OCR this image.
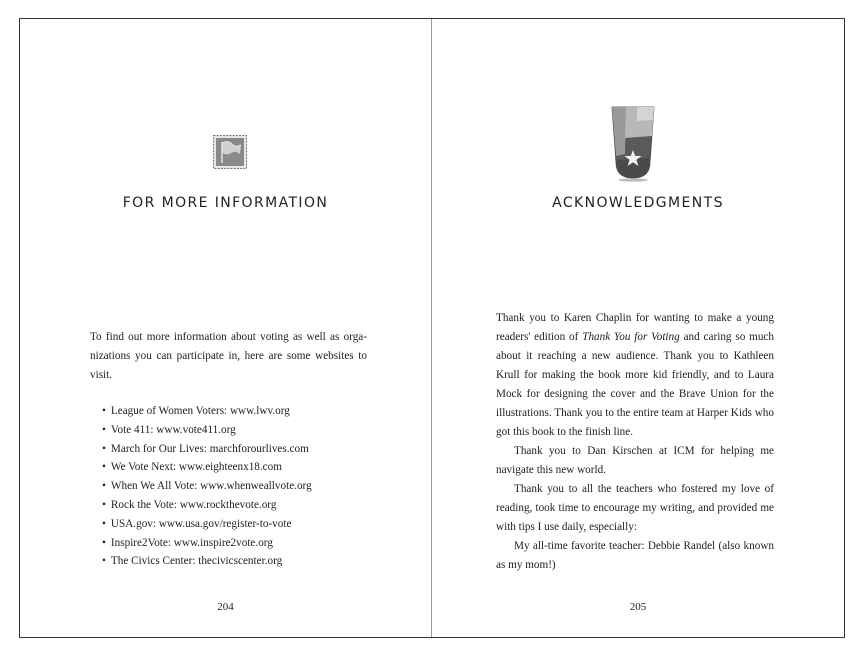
FOR MORE INFORMATION

To find out more information about voting as well as organizations you can participate in, here are some websites to visit.

• League of Women Voters: www.lwv.org
• Vote 411: www.vote411.org
• March for Our Lives: marchforourlives.com
• We Vote Next: www.eighteenx18.com
• When We All Vote: www.whenweallvote.org
• Rock the Vote: www.rockthevote.org
• USA.gov: www.usa.gov/register-to-vote
• Inspire2Vote: www.inspire2vote.org
• The Civics Center: thecivicscenter.org
204
ACKNOWLEDGMENTS

Thank you to Karen Chaplin for wanting to make a young readers' edition of Thank You for Voting and caring so much about it reaching a new audience. Thank you to Kathleen Krull for making the book more kid friendly, and to Laura Mock for designing the cover and the Brave Union for the illustrations. Thank you to the entire team at Harper Kids who got this book to the finish line.

Thank you to Dan Kirschen at ICM for helping me navigate this new world.

Thank you to all the teachers who fostered my love of reading, took time to encourage my writing, and provided me with tips I use daily, especially:

My all-time favorite teacher: Debbie Randel (also known as my mom!)

205
